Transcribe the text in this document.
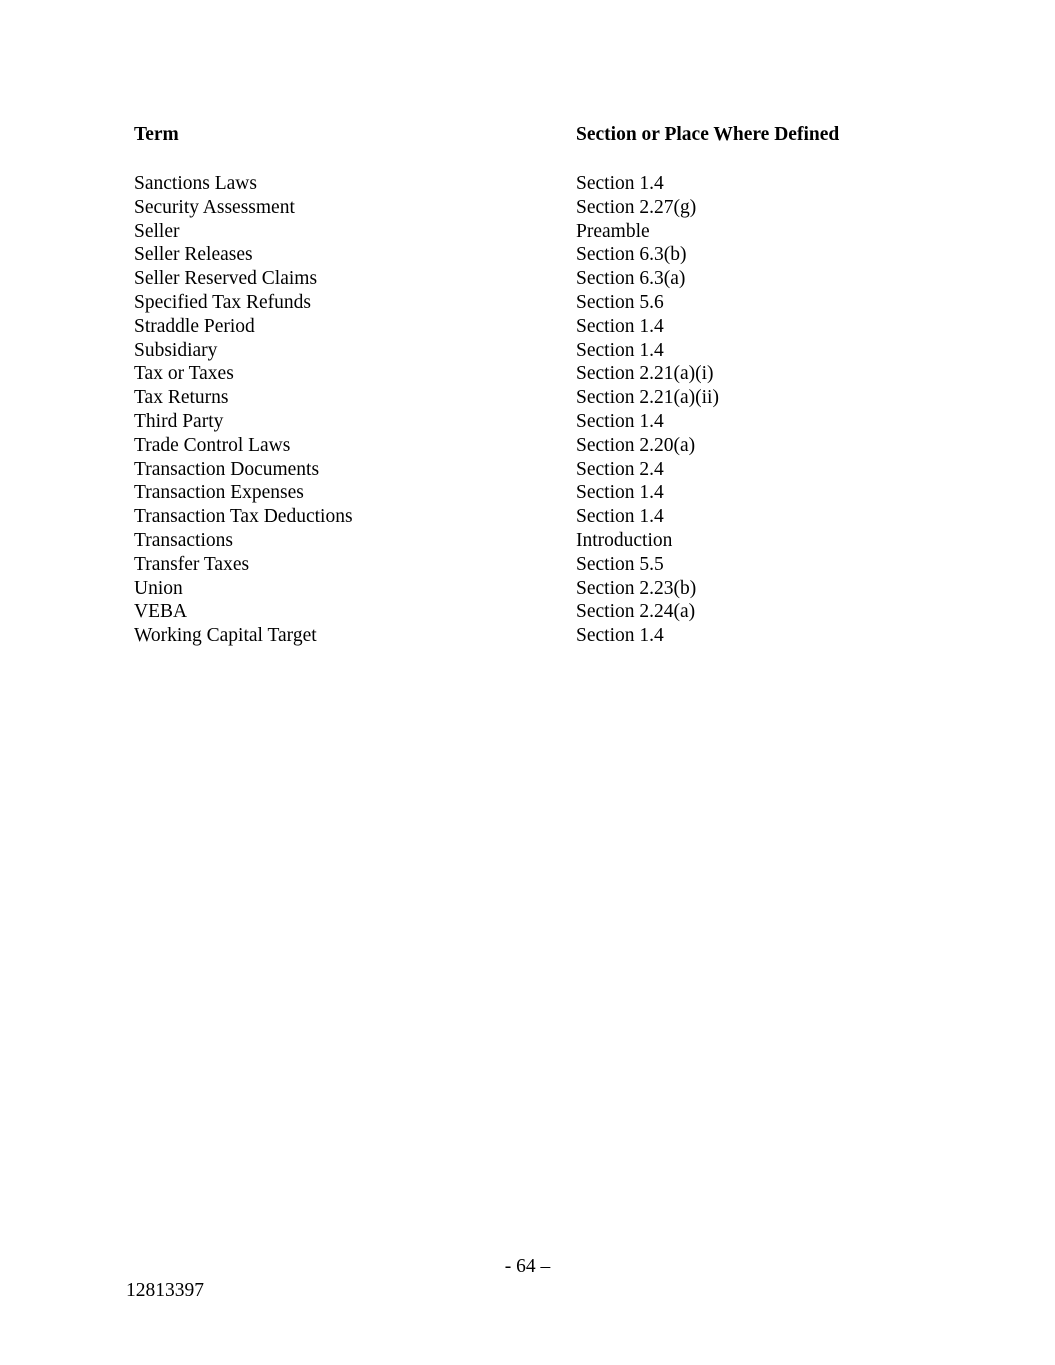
Term	Section or Place Where Defined
Sanctions Laws	Section 1.4
Security Assessment	Section 2.27(g)
Seller	Preamble
Seller Releases	Section 6.3(b)
Seller Reserved Claims	Section 6.3(a)
Specified Tax Refunds	Section 5.6
Straddle Period	Section 1.4
Subsidiary	Section 1.4
Tax or Taxes	Section 2.21(a)(i)
Tax Returns	Section 2.21(a)(ii)
Third Party	Section 1.4
Trade Control Laws	Section 2.20(a)
Transaction Documents	Section 2.4
Transaction Expenses	Section 1.4
Transaction Tax Deductions	Section 1.4
Transactions	Introduction
Transfer Taxes	Section 5.5
Union	Section 2.23(b)
VEBA	Section 2.24(a)
Working Capital Target	Section 1.4
- 64 –
12813397
